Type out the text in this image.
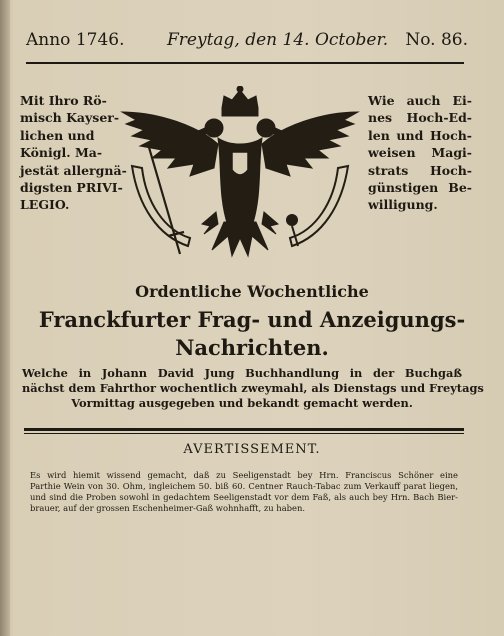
Anno 1746.	Freytag, den 14. October. No. 86.
Mit Ihro Rö-
misch Kayser-
lichen und
Königl. Ma-
jestät allergnä-
digsten PRIVI-
LEGIO.
Wie auch Ei-
nes Hoch-Ed-
len und Hoch-
weisen Magi-
strats Hoch-
günstigen Be-
willigung.
Ordentliche Wochentliche
Franckfurter Frag- und Anzeigungs-
Nachrichten.
Welche in Johann David Jung Buchhandlung in der Buchgaß
nächst dem Fahrthor wochentlich zweymahl, als Dienstags und Freytags
Vormittag ausgegeben und bekandt gemacht werden.
AVERTISSEMENT.
Es wird hiemit wissend gemacht, daß zu Seeligenstadt bey Hrn. Franciscus Schöner eine
Parthie Wein von 30. Ohm, ingleichem 50. biß 60. Centner Rauch-Tabac zum Verkauff parat liegen,
und sind die Proben sowohl in gedachtem Seeligenstadt vor dem Faß, als auch bey Hrn. Bach Bier-
brauer, auf der grossen Eschenheimer-Gaß wohnhafft, zu haben.
